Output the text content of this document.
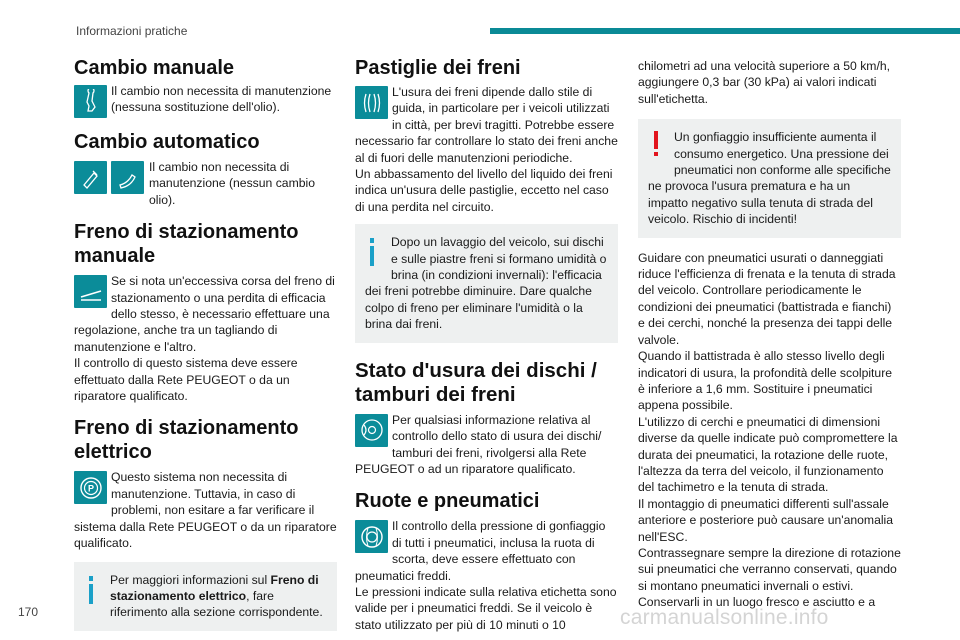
Informazioni pratiche
Cambio manuale
Il cambio non necessita di manutenzione (nessuna sostituzione dell'olio).
Cambio automatico
Il cambio non necessita di manutenzione (nessun cambio olio).
Freno di stazionamento manuale
Se si nota un'eccessiva corsa del freno di stazionamento o una perdita di efficacia dello stesso, è necessario effettuare una regolazione, anche tra un tagliando di manutenzione e l'altro.
Il controllo di questo sistema deve essere effettuato dalla Rete PEUGEOT o da un riparatore qualificato.
Freno di stazionamento elettrico
P
Questo sistema non necessita di manutenzione. Tuttavia, in caso di problemi, non esitare a far verificare il sistema dalla Rete PEUGEOT o da un riparatore qualificato.
Per maggiori informazioni sul Freno di stazionamento elettrico, fare riferimento alla sezione corrispondente.
Pastiglie dei freni
L'usura dei freni dipende dallo stile di guida, in particolare per i veicoli utilizzati in città, per brevi tragitti. Potrebbe essere necessario far controllare lo stato dei freni anche al di fuori delle manutenzioni periodiche.
Un abbassamento del livello del liquido dei freni indica un'usura delle pastiglie, eccetto nel caso di una perdita nel circuito.
Dopo un lavaggio del veicolo, sui dischi e sulle piastre freni si formano umidità o brina (in condizioni invernali): l'efficacia dei freni potrebbe diminuire. Dare qualche colpo di freno per eliminare l'umidità o la brina dai freni.
Stato d'usura dei dischi / tamburi dei freni
Per qualsiasi informazione relativa al controllo dello stato di usura dei dischi/ tamburi dei freni, rivolgersi alla Rete PEUGEOT o ad un riparatore qualificato.
Ruote e pneumatici
Il controllo della pressione di gonfiaggio di tutti i pneumatici, inclusa la ruota di scorta, deve essere effettuato con pneumatici freddi.
Le pressioni indicate sulla relativa etichetta sono valide per i pneumatici freddi. Se il veicolo è stato utilizzato per più di 10 minuti o 10
chilometri ad una velocità superiore a 50 km/h, aggiungere 0,3 bar (30 kPa) ai valori indicati sull'etichetta.
Un gonfiaggio insufficiente aumenta il consumo energetico. Una pressione dei pneumatici non conforme alle specifiche ne provoca l'usura prematura e ha un impatto negativo sulla tenuta di strada del veicolo. Rischio di incidenti!
Guidare con pneumatici usurati o danneggiati riduce l'efficienza di frenata e la tenuta di strada del veicolo. Controllare periodicamente le condizioni dei pneumatici (battistrada e fianchi) e dei cerchi, nonché la presenza dei tappi delle valvole.
Quando il battistrada è allo stesso livello degli indicatori di usura, la profondità delle scolpiture è inferiore a 1,6 mm. Sostituire i pneumatici appena possibile.
L'utilizzo di cerchi e pneumatici di dimensioni diverse da quelle indicate può compromettere la durata dei pneumatici, la rotazione delle ruote, l'altezza da terra del veicolo, il funzionamento del tachimetro e la tenuta di strada.
Il montaggio di pneumatici differenti sull'assale anteriore e posteriore può causare un'anomalia nell'ESC.
Contrassegnare sempre la direzione di rotazione sui pneumatici che verranno conservati, quando si montano pneumatici invernali o estivi.
Conservarli in un luogo fresco e asciutto e a
170	carmanualsonline.info
